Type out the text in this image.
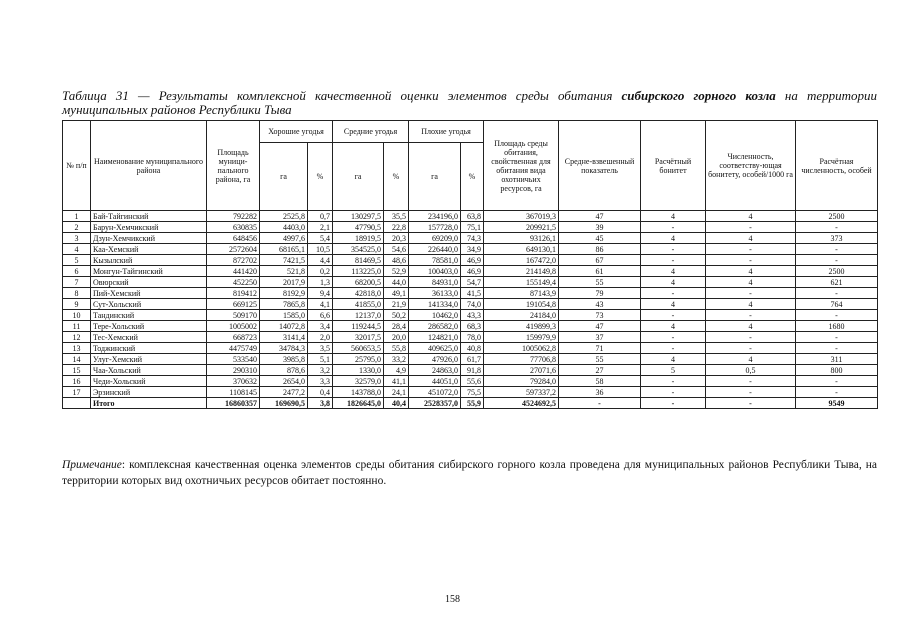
Таблица 31 — Результаты комплексной качественной оценки элементов среды обитания сибирского горного козла на территории муниципальных районов Республики Тыва
№ п/п	Наименование муниципального района	Площадь муници-пального района, га	Хорошие угодья		Средние угодья		Плохие угодья		Площадь среды обитания, свойственная для обитания вида охотничьих ресурсов, га	Средне-взвешенный показатель	Расчётный бонитет	Численность, соответству-ющая бонитету, особей/1000 га	Расчётная численность, особей
			га	%	га	%	га	%					
1	Бай-Тайгинский	792282	2525,8	0,7	130297,5	35,5	234196,0	63,8	367019,3	47	4	4	2500
2	Барун-Хемчикский	630835	4403,0	2,1	47790,5	22,8	157728,0	75,1	209921,5	39	-	-	-
3	Дзун-Хемчикский	648456	4997,6	5,4	18919,5	20,3	69209,0	74,3	93126,1	45	4	4	373
4	Каа-Хемский	2572604	68165,1	10,5	354525,0	54,6	226440,0	34,9	649130,1	86	-	-	-
5	Кызылский	872702	7421,5	4,4	81469,5	48,6	78581,0	46,9	167472,0	67	-	-	-
6	Монгун-Тайгинский	441420	521,8	0,2	113225,0	52,9	100403,0	46,9	214149,8	61	4	4	2500
7	Овюрский	452250	2017,9	1,3	68200,5	44,0	84931,0	54,7	155149,4	55	4	4	621
8	Пий-Хемский	819412	8192,9	9,4	42818,0	49,1	36133,0	41,5	87143,9	79	-	-	-
9	Сут-Хольский	669125	7865,8	4,1	41855,0	21,9	141334,0	74,0	191054,8	43	4	4	764
10	Тандинский	509170	1585,0	6,6	12137,0	50,2	10462,0	43,3	24184,0	73	-	-	-
11	Тере-Хольский	1005002	14072,8	3,4	119244,5	28,4	286582,0	68,3	419899,3	47	4	4	1680
12	Тес-Хемский	668723	3141,4	2,0	32017,5	20,0	124821,0	78,0	159979,9	37	-	-	-
13	Тоджинский	4475749	34784,3	3,5	560653,5	55,8	409625,0	40,8	1005062,8	71	-	-	-
14	Улуг-Хемский	533540	3985,8	5,1	25795,0	33,2	47926,0	61,7	77706,8	55	4	4	311
15	Чаа-Хольский	290310	878,6	3,2	1330,0	4,9	24863,0	91,8	27071,6	27	5	0,5	800
16	Чеди-Хольский	370632	2654,0	3,3	32579,0	41,1	44051,0	55,6	79284,0	58	-	-	-
17	Эрзинский	1108145	2477,2	0,4	143788,0	24,1	451072,0	75,5	597337,2	36	-	-	-
	Итого	16860357	169690,5	3,8	1826645,0	40,4	2528357,0	55,9	4524692,5	-	-	-	9549
Примечание: комплексная качественная оценка элементов среды обитания сибирского горного козла проведена для муниципальных районов Республики Тыва, на территории которых вид охотничьих ресурсов обитает постоянно.
158
